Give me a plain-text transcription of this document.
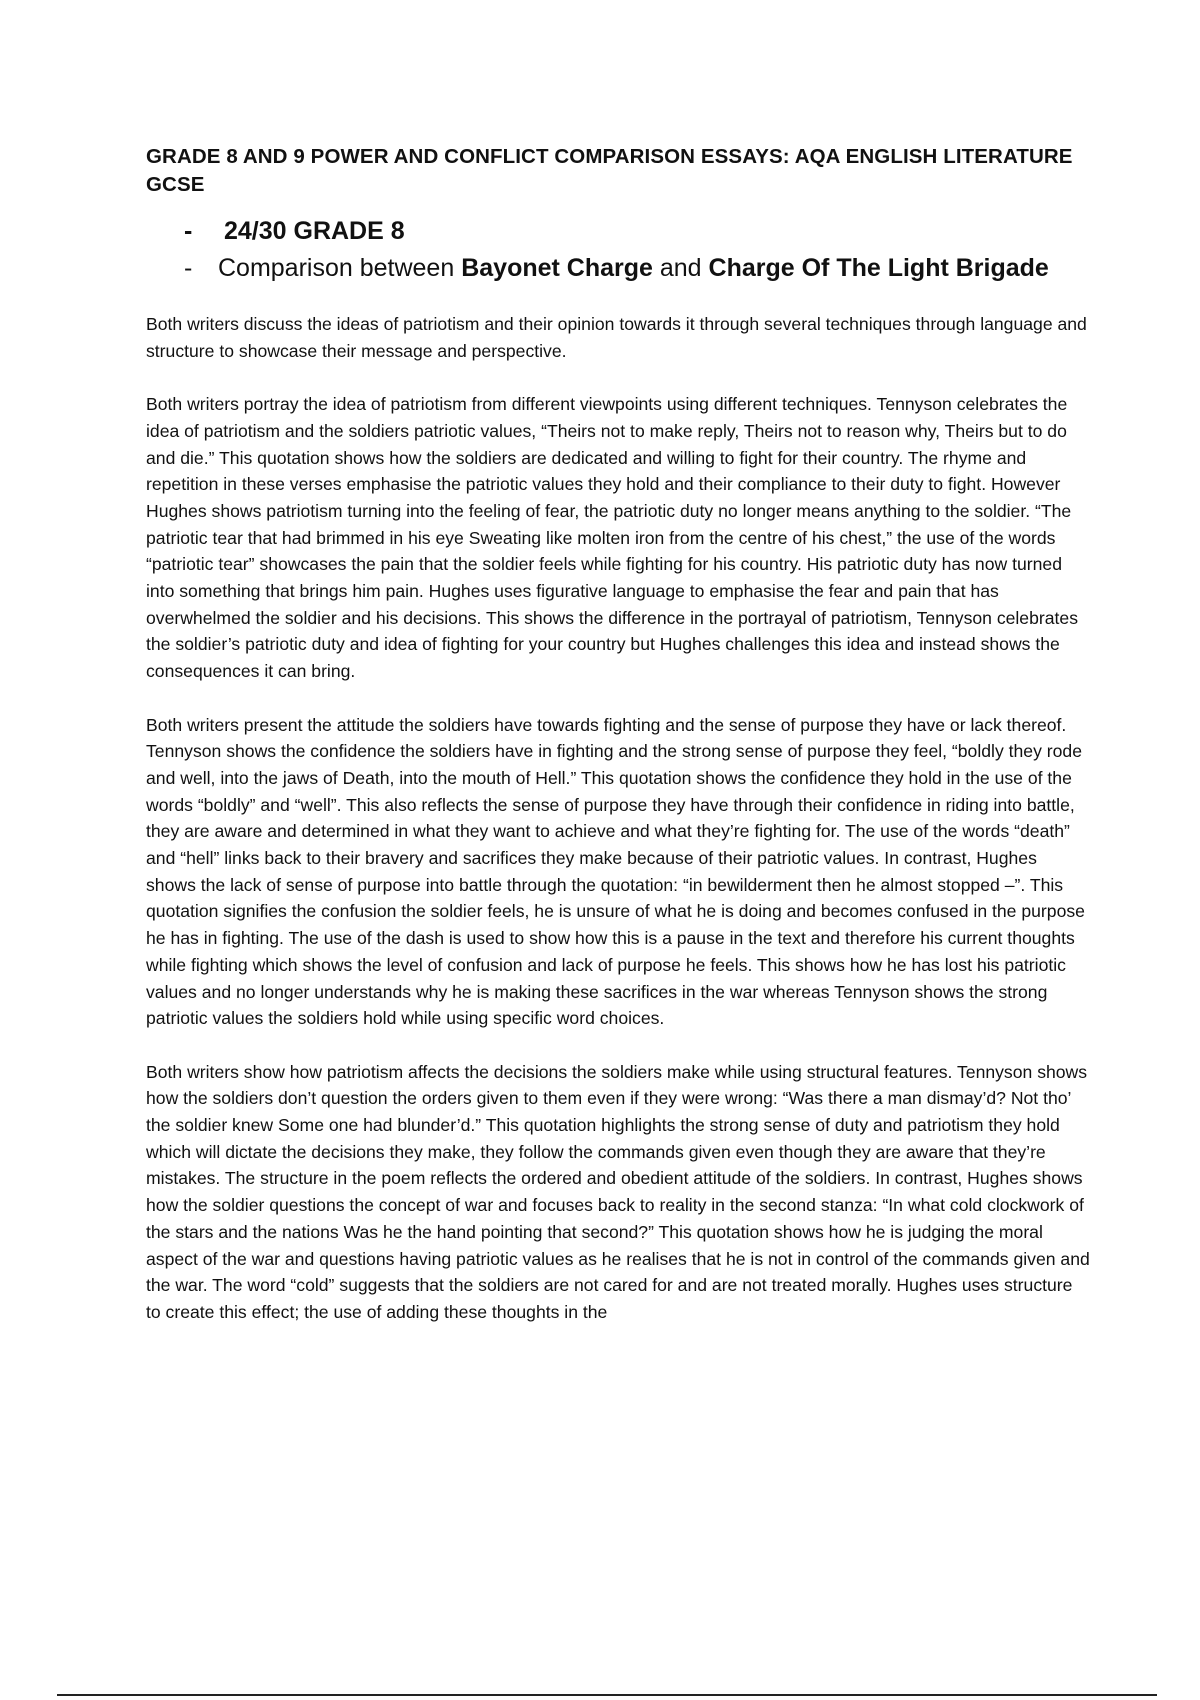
GRADE 8 AND 9 POWER AND CONFLICT COMPARISON ESSAYS: AQA ENGLISH LITERATURE GCSE
- 24/30 GRADE 8
- Comparison between Bayonet Charge and Charge Of The Light Brigade

Both writers discuss the ideas of patriotism and their opinion towards it through several techniques through language and structure to showcase their message and perspective.

Both writers portray the idea of patriotism from different viewpoints using different techniques. Tennyson celebrates the idea of patriotism and the soldiers patriotic values, “Theirs not to make reply, Theirs not to reason why, Theirs but to do and die.” This quotation shows how the soldiers are dedicated and willing to fight for their country. The rhyme and repetition in these verses emphasise the patriotic values they hold and their compliance to their duty to fight. However Hughes shows patriotism turning into the feeling of fear, the patriotic duty no longer means anything to the soldier. “The patriotic tear that had brimmed in his eye Sweating like molten iron from the centre of his chest,” the use of the words “patriotic tear” showcases the pain that the soldier feels while fighting for his country. His patriotic duty has now turned into something that brings him pain. Hughes uses figurative language to emphasise the fear and pain that has overwhelmed the soldier and his decisions. This shows the difference in the portrayal of patriotism, Tennyson celebrates the soldier’s patriotic duty and idea of fighting for your country but Hughes challenges this idea and instead shows the consequences it can bring.

Both writers present the attitude the soldiers have towards fighting and the sense of purpose they have or lack thereof. Tennyson shows the confidence the soldiers have in fighting and the strong sense of purpose they feel, “boldly they rode and well, into the jaws of Death, into the mouth of Hell.” This quotation shows the confidence they hold in the use of the words “boldly” and “well”. This also reflects the sense of purpose they have through their confidence in riding into battle, they are aware and determined in what they want to achieve and what they’re fighting for. The use of the words “death” and “hell” links back to their bravery and sacrifices they make because of their patriotic values. In contrast, Hughes shows the lack of sense of purpose into battle through the quotation: “in bewilderment then he almost stopped –”. This quotation signifies the confusion the soldier feels, he is unsure of what he is doing and becomes confused in the purpose he has in fighting. The use of the dash is used to show how this is a pause in the text and therefore his current thoughts while fighting which shows the level of confusion and lack of purpose he feels. This shows how he has lost his patriotic values and no longer understands why he is making these sacrifices in the war whereas Tennyson shows the strong patriotic values the soldiers hold while using specific word choices.

Both writers show how patriotism affects the decisions the soldiers make while using structural features. Tennyson shows how the soldiers don’t question the orders given to them even if they were wrong: “Was there a man dismay’d? Not tho’ the soldier knew Some one had blunder’d.” This quotation highlights the strong sense of duty and patriotism they hold which will dictate the decisions they make, they follow the commands given even though they are aware that they’re mistakes. The structure in the poem reflects the ordered and obedient attitude of the soldiers. In contrast, Hughes shows how the soldier questions the concept of war and focuses back to reality in the second stanza: “In what cold clockwork of the stars and the nations Was he the hand pointing that second?” This quotation shows how he is judging the moral aspect of the war and questions having patriotic values as he realises that he is not in control of the commands given and the war. The word “cold” suggests that the soldiers are not cared for and are not treated morally. Hughes uses structure to create this effect; the use of adding these thoughts in the
